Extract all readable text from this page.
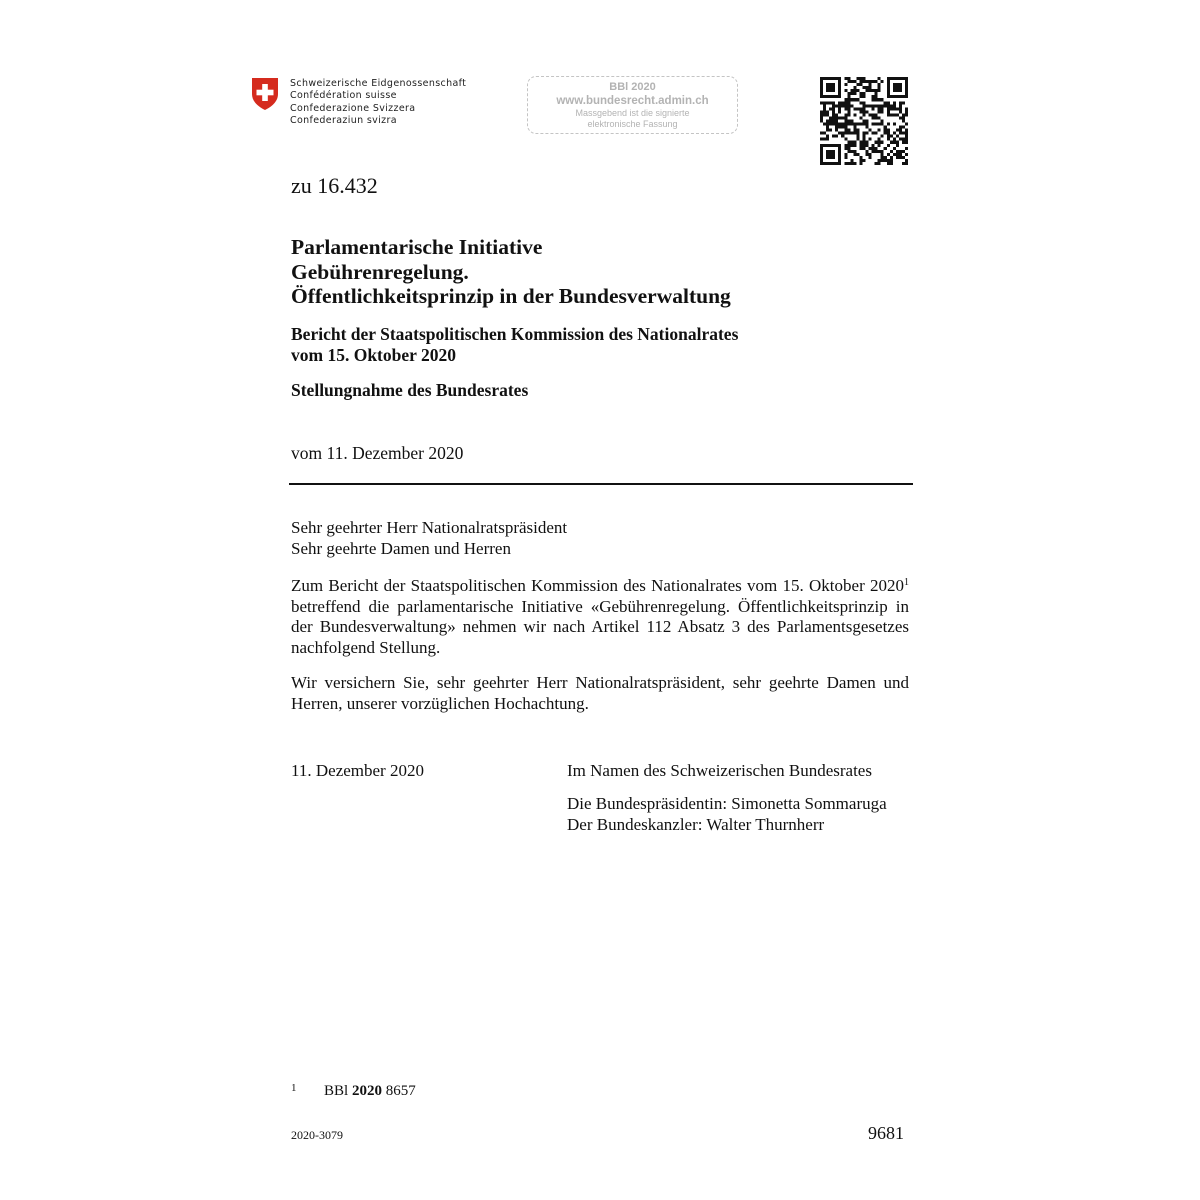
Schweizerische Eidgenossenschaft
Confédération suisse
Confederazione Svizzera
Confederaziun svizra
BBl 2020
www.bundesrecht.admin.ch
Massgebend ist die signierte
elektronische Fassung
zu 16.432
Parlamentarische Initiative
Gebührenregelung.
Öffentlichkeitsprinzip in der Bundesverwaltung
Bericht der Staatspolitischen Kommission des Nationalrates
vom 15. Oktober 2020
Stellungnahme des Bundesrates
vom 11. Dezember 2020
Sehr geehrter Herr Nationalratspräsident
Sehr geehrte Damen und Herren
Zum Bericht der Staatspolitischen Kommission des Nationalrates vom 15. Oktober 2020$^1$ betreffend die parlamentarische Initiative «Gebührenregelung. Öffentlichkeitsprinzip in der Bundesverwaltung» nehmen wir nach Artikel 112 Absatz 3 des Parlamentsgesetzes nachfolgend Stellung.
Wir versichern Sie, sehr geehrter Herr Nationalratspräsident, sehr geehrte Damen und Herren, unserer vorzüglichen Hochachtung.
11. Dezember 2020	Im Namen des Schweizerischen Bundesrates
Die Bundespräsidentin: Simonetta Sommaruga
Der Bundeskanzler: Walter Thurnherr
1 BBl 2020 8657
2020-3079	9681
